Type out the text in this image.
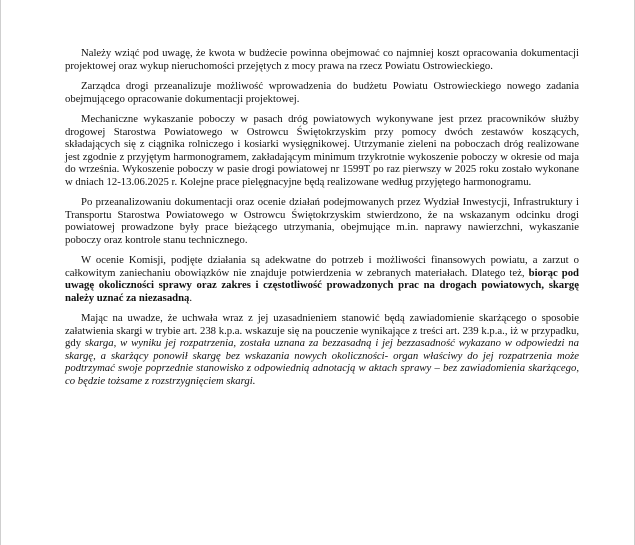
Należy wziąć pod uwagę, że kwota w budżecie powinna obejmować co najmniej koszt opracowania dokumentacji projektowej oraz wykup nieruchomości przejętych z mocy prawa na rzecz Powiatu Ostrowieckiego.

Zarządca drogi przeanalizuje możliwość wprowadzenia do budżetu Powiatu Ostrowieckiego nowego zadania obejmującego opracowanie dokumentacji projektowej.

Mechaniczne wykaszanie poboczy w pasach dróg powiatowych wykonywane jest przez pracowników służby drogowej Starostwa Powiatowego w Ostrowcu Świętokrzyskim przy pomocy dwóch zestawów koszących, składających się z ciągnika rolniczego i kosiarki wysięgnikowej. Utrzymanie zieleni na poboczach dróg realizowane jest zgodnie z przyjętym harmonogramem, zakładającym minimum trzykrotnie wykoszenie poboczy w okresie od maja do września. Wykoszenie poboczy w pasie drogi powiatowej nr 1599T po raz pierwszy w 2025 roku zostało wykonane w dniach 12-13.06.2025 r. Kolejne prace pielęgnacyjne będą realizowane według przyjętego harmonogramu.

Po przeanalizowaniu dokumentacji oraz ocenie działań podejmowanych przez Wydział Inwestycji, Infrastruktury i Transportu Starostwa Powiatowego w Ostrowcu Świętokrzyskim stwierdzono, że na wskazanym odcinku drogi powiatowej prowadzone były prace bieżącego utrzymania, obejmujące m.in. naprawy nawierzchni, wykaszanie poboczy oraz kontrole stanu technicznego.

W ocenie Komisji, podjęte działania są adekwatne do potrzeb i możliwości finansowych powiatu, a zarzut o całkowitym zaniechaniu obowiązków nie znajduje potwierdzenia w zebranych materiałach. Dlatego też, biorąc pod uwagę okoliczności sprawy oraz zakres i częstotliwość prowadzonych prac na drogach powiatowych, skargę należy uznać za niezasadną.

Mając na uwadze, że uchwała wraz z jej uzasadnieniem stanowić będą zawiadomienie skarżącego o sposobie załatwienia skargi w trybie art. 238 k.p.a. wskazuje się na pouczenie wynikające z treści art. 239 k.p.a., iż w przypadku, gdy skarga, w wyniku jej rozpatrzenia, została uznana za bezzasadną i jej bezzasadność wykazano w odpowiedzi na skargę, a skarżący ponowił skargę bez wskazania nowych okoliczności- organ właściwy do jej rozpatrzenia może podtrzymać swoje poprzednie stanowisko z odpowiednią adnotacją w aktach sprawy – bez zawiadomienia skarżącego, co będzie tożsame z rozstrzygnięciem skargi.
